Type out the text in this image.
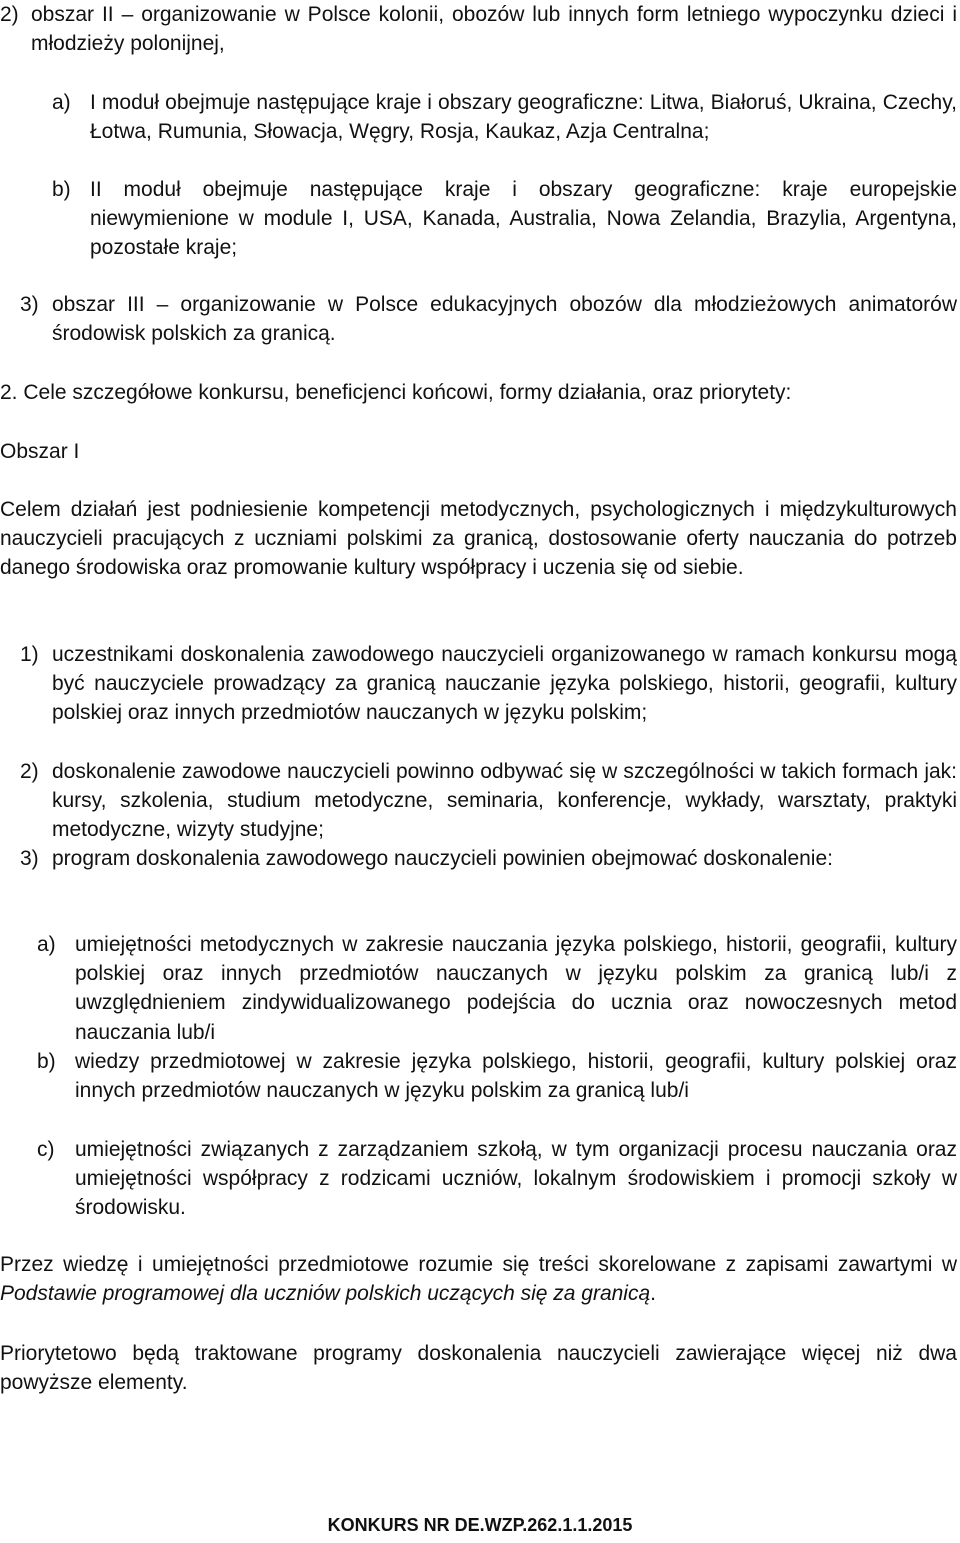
2) obszar II – organizowanie w Polsce kolonii, obozów lub innych form letniego wypoczynku dzieci i młodzieży polonijnej,
a) I moduł obejmuje następujące kraje i obszary geograficzne: Litwa, Białoruś, Ukraina, Czechy, Łotwa, Rumunia, Słowacja, Węgry, Rosja, Kaukaz, Azja Centralna;
b) II moduł obejmuje następujące kraje i obszary geograficzne: kraje europejskie niewymienione w module I, USA, Kanada, Australia, Nowa Zelandia, Brazylia, Argentyna, pozostałe kraje;
3) obszar III – organizowanie w Polsce edukacyjnych obozów dla młodzieżowych animatorów środowisk polskich za granicą.

2. Cele szczegółowe konkursu, beneficjenci końcowi, formy działania, oraz priorytety:

Obszar I

Celem działań jest podniesienie kompetencji metodycznych, psychologicznych i międzykulturowych nauczycieli pracujących z uczniami polskimi za granicą, dostosowanie oferty nauczania do potrzeb danego środowiska oraz promowanie kultury współpracy i uczenia się od siebie.

1) uczestnikami doskonalenia zawodowego nauczycieli organizowanego w ramach konkursu mogą być nauczyciele prowadzący za granicą nauczanie języka polskiego, historii, geografii, kultury polskiej oraz innych przedmiotów nauczanych w języku polskim;
2) doskonalenie zawodowe nauczycieli powinno odbywać się w szczególności w takich formach jak: kursy, szkolenia, studium metodyczne, seminaria, konferencje, wykłady, warsztaty, praktyki metodyczne, wizyty studyjne;
3) program doskonalenia zawodowego nauczycieli powinien obejmować doskonalenie:
a) umiejętności metodycznych w zakresie nauczania języka polskiego, historii, geografii, kultury polskiej oraz innych przedmiotów nauczanych w języku polskim za granicą lub/i z uwzględnieniem zindywidualizowanego podejścia do ucznia oraz nowoczesnych metod nauczania lub/i
b) wiedzy przedmiotowej w zakresie języka polskiego, historii, geografii, kultury polskiej oraz innych przedmiotów nauczanych w języku polskim za granicą lub/i
c) umiejętności związanych z zarządzaniem szkołą, w tym organizacji procesu nauczania oraz umiejętności współpracy z rodzicami uczniów, lokalnym środowiskiem i promocji szkoły w środowisku.

Przez wiedzę i umiejętności przedmiotowe rozumie się treści skorelowane z zapisami zawartymi w Podstawie programowej dla uczniów polskich uczących się za granicą.

Priorytetowo będą traktowane programy doskonalenia nauczycieli zawierające więcej niż dwa powyższe elementy.

KONKURS NR DE.WZP.262.1.1.2015
